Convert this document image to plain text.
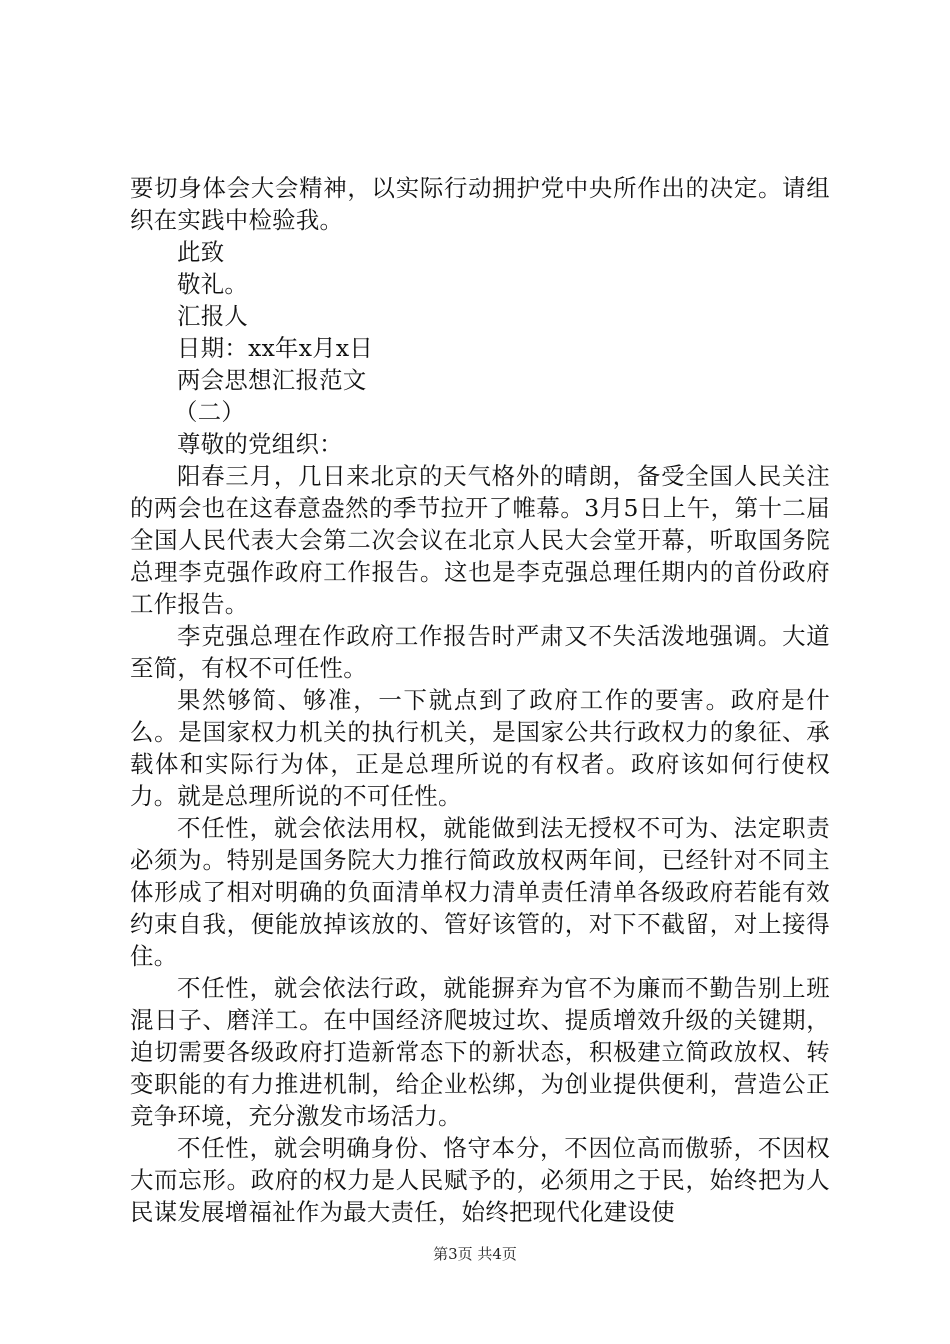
要切身体会大会精神，以实际行动拥护党中央所作出的决定。请组织在实践中检验我。

此致

敬礼。

汇报人

日期：xx年x月x日

两会思想汇报范文

（二）

尊敬的党组织：

阳春三月，几日来北京的天气格外的晴朗，备受全国人民关注的两会也在这春意盎然的季节拉开了帷幕。3月5日上午，第十二届全国人民代表大会第二次会议在北京人民大会堂开幕，听取国务院总理李克强作政府工作报告。这也是李克强总理任期内的首份政府工作报告。

李克强总理在作政府工作报告时严肃又不失活泼地强调。大道至简，有权不可任性。

果然够简、够准，一下就点到了政府工作的要害。政府是什么。是国家权力机关的执行机关，是国家公共行政权力的象征、承载体和实际行为体，正是总理所说的有权者。政府该如何行使权力。就是总理所说的不可任性。

不任性，就会依法用权，就能做到法无授权不可为、法定职责必须为。特别是国务院大力推行简政放权两年间，已经针对不同主体形成了相对明确的负面清单权力清单责任清单各级政府若能有效约束自我，便能放掉该放的、管好该管的，对下不截留，对上接得住。

不任性，就会依法行政，就能摒弃为官不为廉而不勤告别上班混日子、磨洋工。在中国经济爬坡过坎、提质增效升级的关键期，迫切需要各级政府打造新常态下的新状态，积极建立简政放权、转变职能的有力推进机制，给企业松绑，为创业提供便利，营造公正竞争环境，充分激发市场活力。

不任性，就会明确身份、恪守本分，不因位高而傲骄，不因权大而忘形。政府的权力是人民赋予的，必须用之于民，始终把为人民谋发展增福祉作为最大责任，始终把现代化建设使

第3页 共4页
